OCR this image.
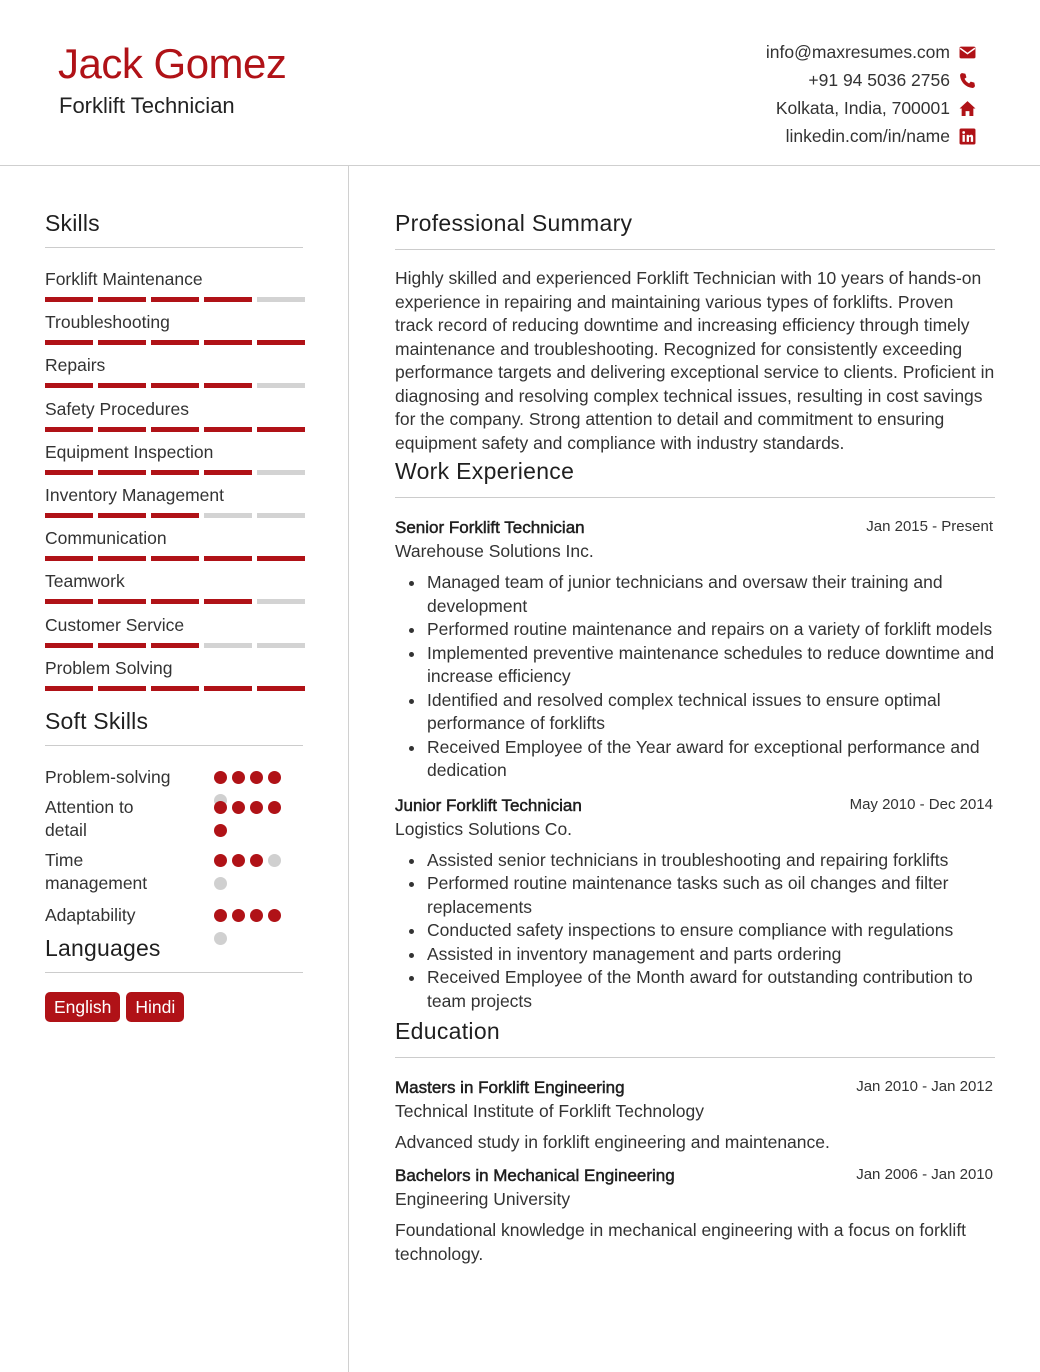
Jack Gomez
Forklift Technician
info@maxresumes.com
+91 94 5036 2756
Kolkata, India, 700001
linkedin.com/in/name
Skills
Forklift Maintenance
Troubleshooting
Repairs
Safety Procedures
Equipment Inspection
Inventory Management
Communication
Teamwork
Customer Service
Problem Solving
Soft Skills
Problem-solving
Attention to detail
Time management
Adaptability
Languages
English	Hindi
Professional Summary
Highly skilled and experienced Forklift Technician with 10 years of hands-on experience in repairing and maintaining various types of forklifts. Proven track record of reducing downtime and increasing efficiency through timely maintenance and troubleshooting. Recognized for consistently exceeding performance targets and delivering exceptional service to clients. Proficient in diagnosing and resolving complex technical issues, resulting in cost savings for the company. Strong attention to detail and commitment to ensuring equipment safety and compliance with industry standards.
Work Experience
Senior Forklift Technician	Jan 2015 - Present
Warehouse Solutions Inc.
Managed team of junior technicians and oversaw their training and development
Performed routine maintenance and repairs on a variety of forklift models
Implemented preventive maintenance schedules to reduce downtime and increase efficiency
Identified and resolved complex technical issues to ensure optimal performance of forklifts
Received Employee of the Year award for exceptional performance and dedication
Junior Forklift Technician	May 2010 - Dec 2014
Logistics Solutions Co.
Assisted senior technicians in troubleshooting and repairing forklifts
Performed routine maintenance tasks such as oil changes and filter replacements
Conducted safety inspections to ensure compliance with regulations
Assisted in inventory management and parts ordering
Received Employee of the Month award for outstanding contribution to team projects
Education
Masters in Forklift Engineering	Jan 2010 - Jan 2012
Technical Institute of Forklift Technology
Advanced study in forklift engineering and maintenance.
Bachelors in Mechanical Engineering	Jan 2006 - Jan 2010
Engineering University
Foundational knowledge in mechanical engineering with a focus on forklift technology.
